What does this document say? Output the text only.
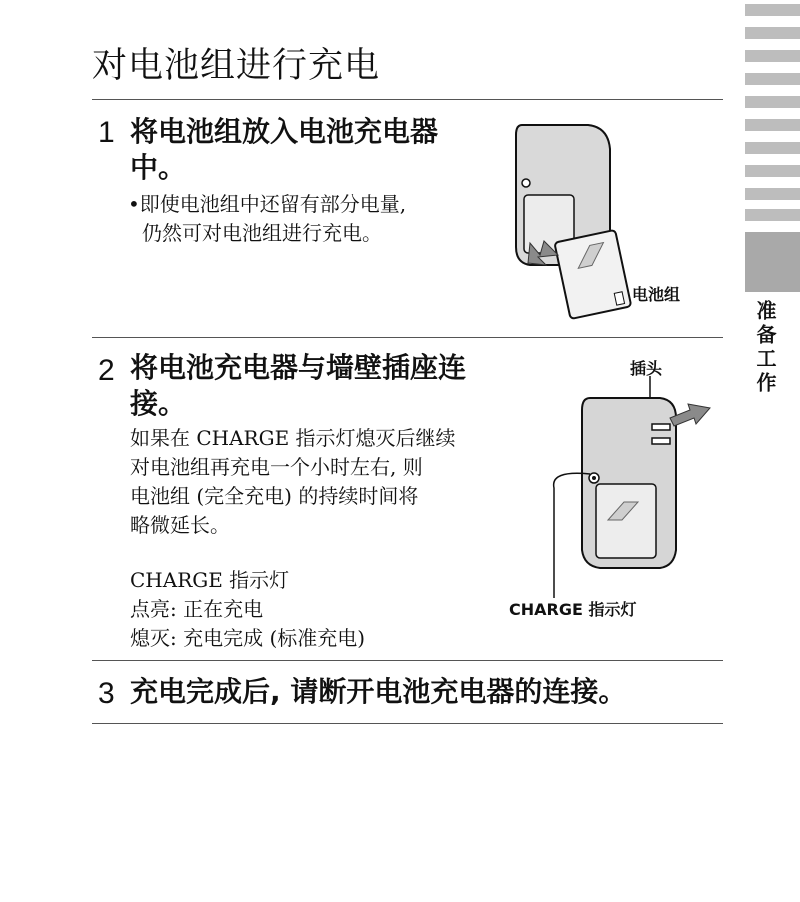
准备工作
对电池组进行充电
1 将电池组放入电池充电器
中。
•即使电池组中还留有部分电量,
仍然可对电池组进行充电。
电池组
2 将电池充电器与墙壁插座连
接。
如果在 CHARGE 指示灯熄灭后继续
对电池组再充电一个小时左右, 则
电池组 (完全充电) 的持续时间将
略微延长。
CHARGE 指示灯
点亮: 正在充电
熄灭: 充电完成 (标准充电)
插头
CHARGE 指示灯
3 充电完成后, 请断开电池充电器的连接。
